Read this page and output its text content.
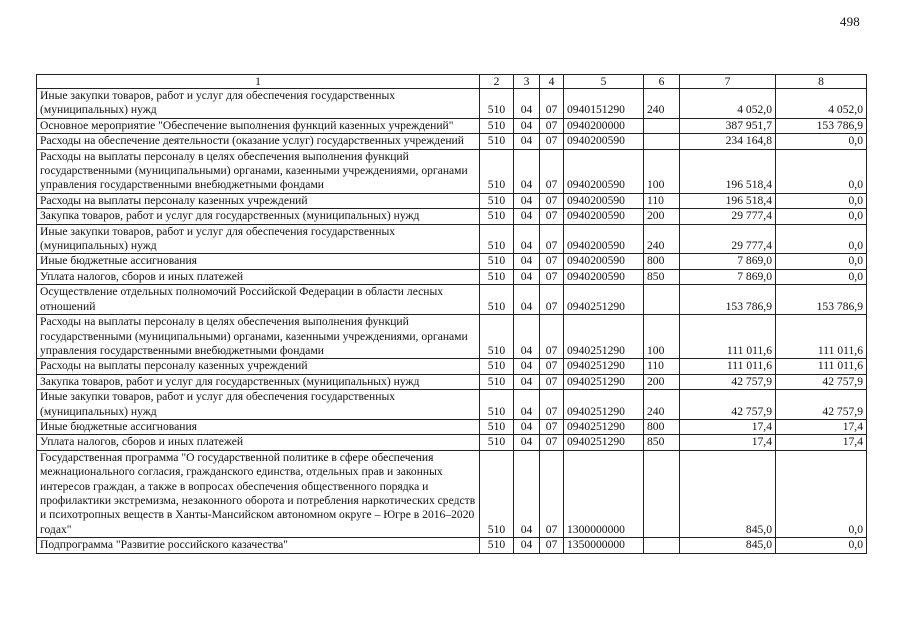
498
1	2	3	4	5	6	7	8
Иные закупки товаров, работ и услуг для обеспечения государственных (муниципальных) нужд	510	04	07	0940151290	240	4 052,0	4 052,0
Основное мероприятие "Обеспечение выполнения функций казенных учреждений"	510	04	07	0940200000		387 951,7	153 786,9
Расходы на обеспечение деятельности (оказание услуг) государственных учреждений	510	04	07	0940200590		234 164,8	0,0
Расходы на выплаты персоналу в целях обеспечения выполнения функций государственными (муниципальными) органами, казенными учреждениями, органами управления государственными внебюджетными фондами	510	04	07	0940200590	100	196 518,4	0,0
Расходы на выплаты персоналу казенных учреждений	510	04	07	0940200590	110	196 518,4	0,0
Закупка товаров, работ и услуг для государственных (муниципальных) нужд	510	04	07	0940200590	200	29 777,4	0,0
Иные закупки товаров, работ и услуг для обеспечения государственных (муниципальных) нужд	510	04	07	0940200590	240	29 777,4	0,0
Иные бюджетные ассигнования	510	04	07	0940200590	800	7 869,0	0,0
Уплата налогов, сборов и иных платежей	510	04	07	0940200590	850	7 869,0	0,0
Осуществление отдельных полномочий Российской Федерации в области лесных отношений	510	04	07	0940251290		153 786,9	153 786,9
Расходы на выплаты персоналу в целях обеспечения выполнения функций государственными (муниципальными) органами, казенными учреждениями, органами управления государственными внебюджетными фондами	510	04	07	0940251290	100	111 011,6	111 011,6
Расходы на выплаты персоналу казенных учреждений	510	04	07	0940251290	110	111 011,6	111 011,6
Закупка товаров, работ и услуг для государственных (муниципальных) нужд	510	04	07	0940251290	200	42 757,9	42 757,9
Иные закупки товаров, работ и услуг для обеспечения государственных (муниципальных) нужд	510	04	07	0940251290	240	42 757,9	42 757,9
Иные бюджетные ассигнования	510	04	07	0940251290	800	17,4	17,4
Уплата налогов, сборов и иных платежей	510	04	07	0940251290	850	17,4	17,4
Государственная программа "О государственной политике в сфере обеспечения межнационального согласия, гражданского единства, отдельных прав и законных интересов граждан, а также в вопросах обеспечения общественного порядка и профилактики экстремизма, незаконного оборота и потребления наркотических средств и психотропных веществ в Ханты-Мансийском автономном округе – Югре в 2016–2020 годах"	510	04	07	1300000000		845,0	0,0
Подпрограмма "Развитие российского казачества"	510	04	07	1350000000		845,0	0,0
